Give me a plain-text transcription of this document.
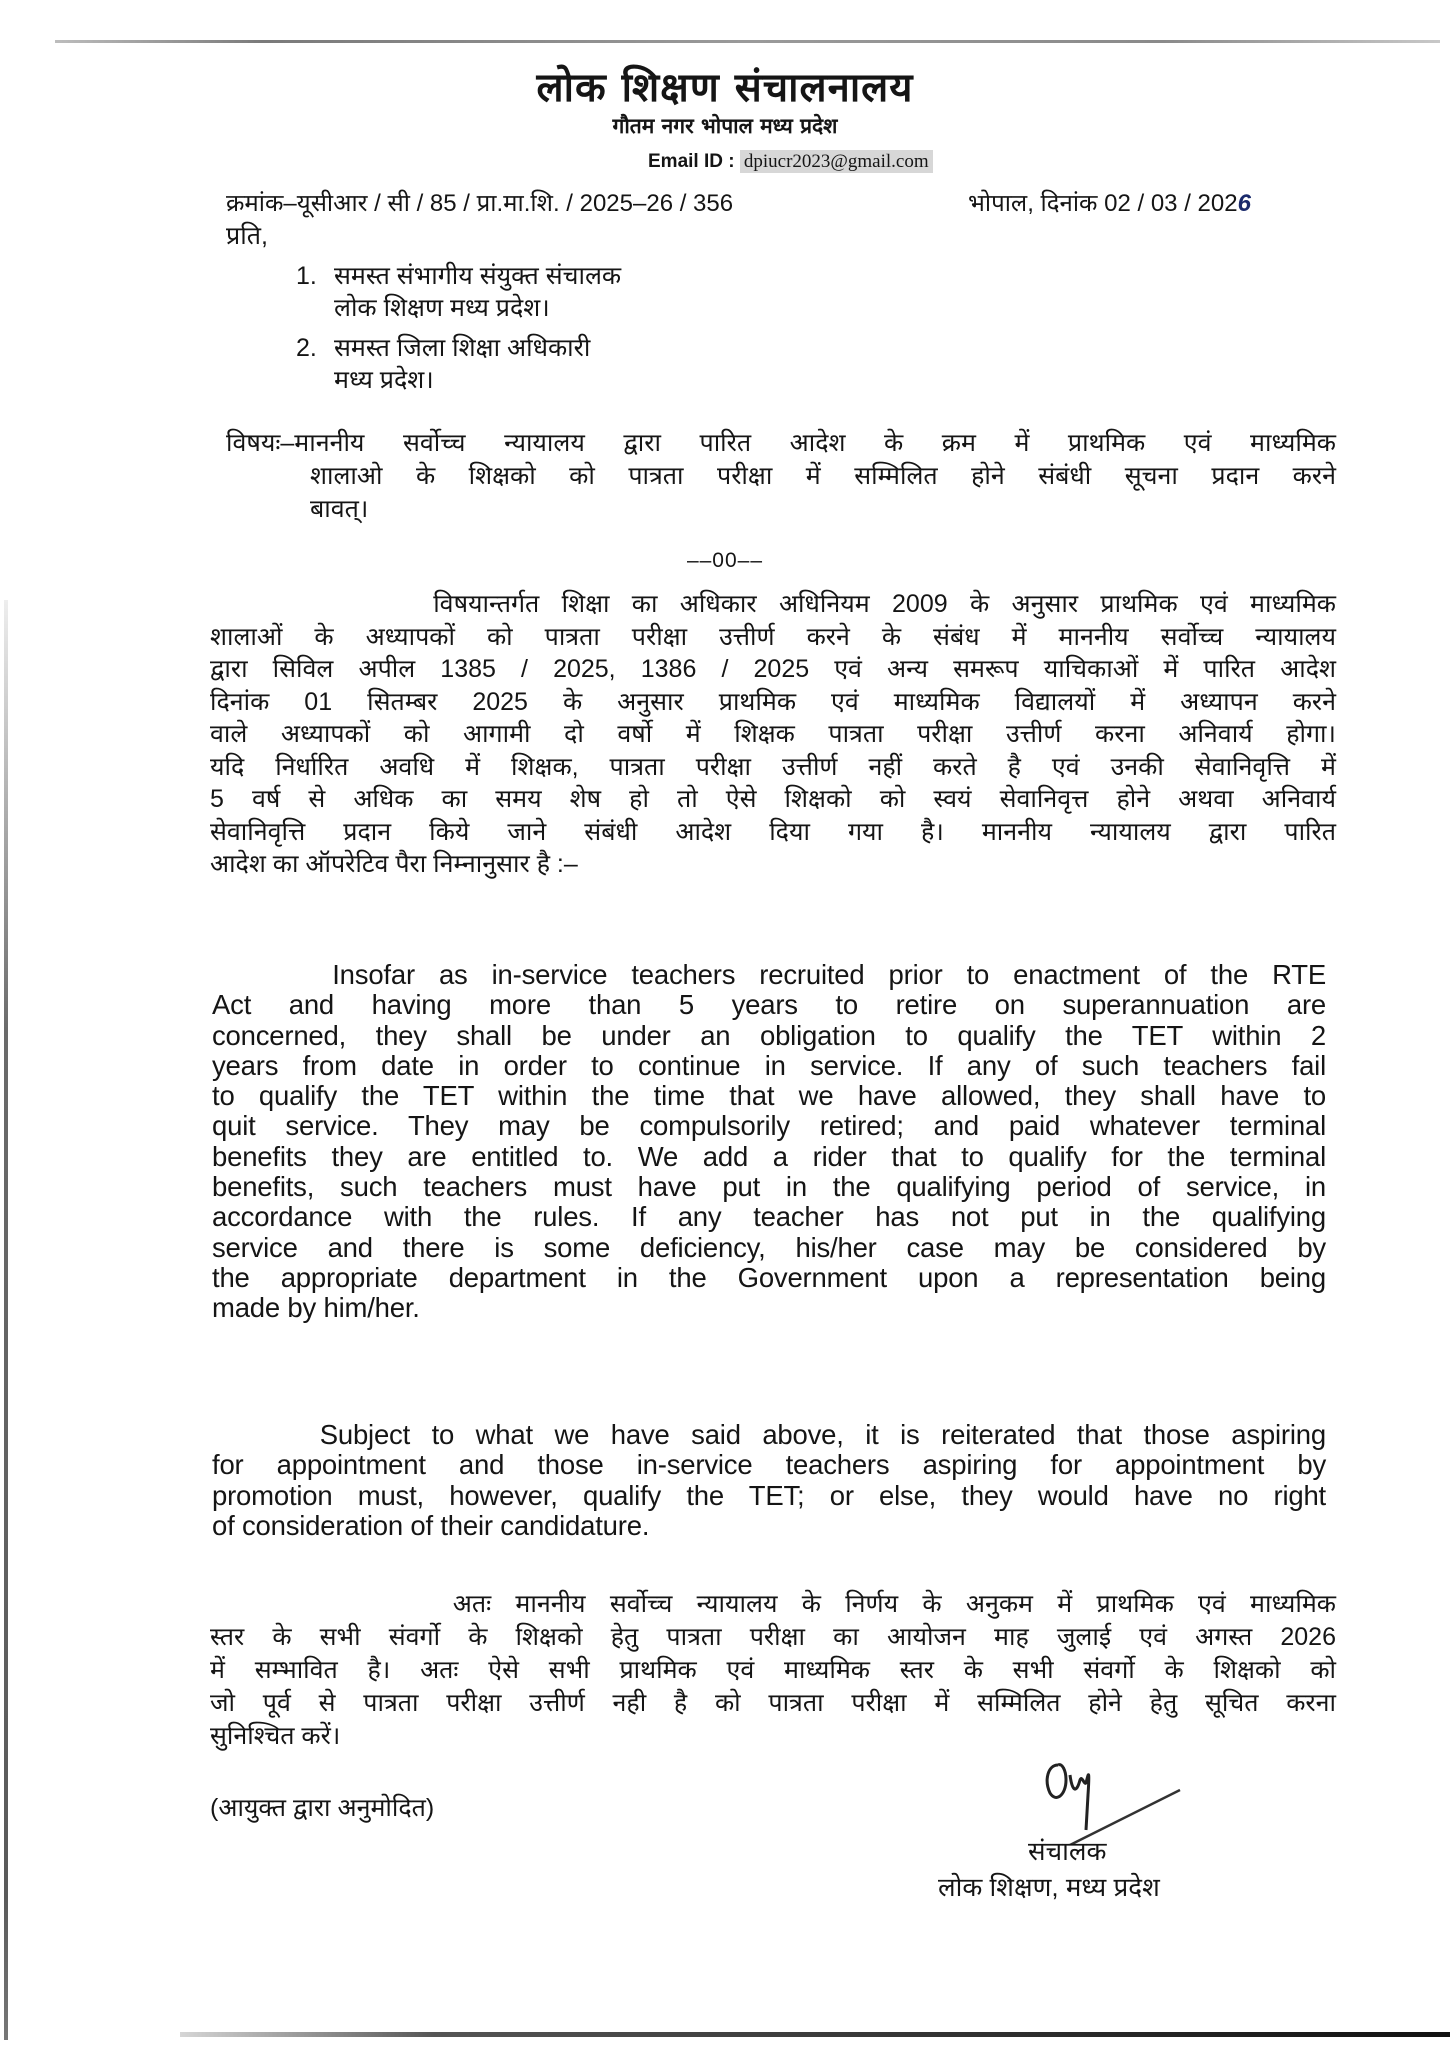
लोक शिक्षण संचालनालय
गौतम नगर भोपाल मध्य प्रदेश
Email ID : dpiucr2023@gmail.com
क्रमांक–यूसीआर / सी / 85 / प्रा.मा.शि. / 2025–26 / 356	भोपाल, दिनांक 02 / 03 / 2026
प्रति,
1. समस्त संभागीय संयुक्त संचालक
लोक शिक्षण मध्य प्रदेश।
2. समस्त जिला शिक्षा अधिकारी
मध्य प्रदेश।
विषयः–माननीय सर्वोच्च न्यायालय द्वारा पारित आदेश के क्रम में प्राथमिक एवं माध्यमिक
शालाओ के शिक्षको को पात्रता परीक्षा में सम्मिलित होने संबंधी सूचना प्रदान करने
बावत्।
––00––
विषयान्तर्गत शिक्षा का अधिकार अधिनियम 2009 के अनुसार प्राथमिक एवं माध्यमिक
शालाओं के अध्यापकों को पात्रता परीक्षा उत्तीर्ण करने के संबंध में माननीय सर्वोच्च न्यायालय
द्वारा सिविल अपील 1385 / 2025, 1386 / 2025 एवं अन्य समरूप याचिकाओं में पारित आदेश
दिनांक 01 सितम्बर 2025 के अनुसार प्राथमिक एवं माध्यमिक विद्यालयों में अध्यापन करने
वाले अध्यापकों को आगामी दो वर्षो में शिक्षक पात्रता परीक्षा उत्तीर्ण करना अनिवार्य होगा।
यदि निर्धारित अवधि में शिक्षक, पात्रता परीक्षा उत्तीर्ण नहीं करते है एवं उनकी सेवानिवृत्ति में
5 वर्ष से अधिक का समय शेष हो तो ऐसे शिक्षको को स्वयं सेवानिवृत्त होने अथवा अनिवार्य
सेवानिवृत्ति प्रदान किये जाने संबंधी आदेश दिया गया है। माननीय न्यायालय द्वारा पारित
आदेश का ऑपरेटिव पैरा निम्नानुसार है :–
Insofar as in-service teachers recruited prior to enactment of the RTE
Act and having more than 5 years to retire on superannuation are
concerned, they shall be under an obligation to qualify the TET within 2
years from date in order to continue in service. If any of such teachers fail
to qualify the TET within the time that we have allowed, they shall have to
quit service. They may be compulsorily retired; and paid whatever terminal
benefits they are entitled to. We add a rider that to qualify for the terminal
benefits, such teachers must have put in the qualifying period of service, in
accordance with the rules. If any teacher has not put in the qualifying
service and there is some deficiency, his/her case may be considered by
the appropriate department in the Government upon a representation being
made by him/her.
Subject to what we have said above, it is reiterated that those aspiring
for appointment and those in-service teachers aspiring for appointment by
promotion must, however, qualify the TET; or else, they would have no right
of consideration of their candidature.
अतः माननीय सर्वोच्च न्यायालय के निर्णय के अनुकम में प्राथमिक एवं माध्यमिक
स्तर के सभी संवर्गो के शिक्षको हेतु पात्रता परीक्षा का आयोजन माह जुलाई एवं अगस्त 2026
में सम्भावित है। अतः ऐसे सभी प्राथमिक एवं माध्यमिक स्तर के सभी संवर्गो के शिक्षको को
जो पूर्व से पात्रता परीक्षा उत्तीर्ण नही है को पात्रता परीक्षा में सम्मिलित होने हेतु सूचित करना
सुनिश्चित करें।
(आयुक्त द्वारा अनुमोदित)
संचालक
लोक शिक्षण, मध्य प्रदेश
